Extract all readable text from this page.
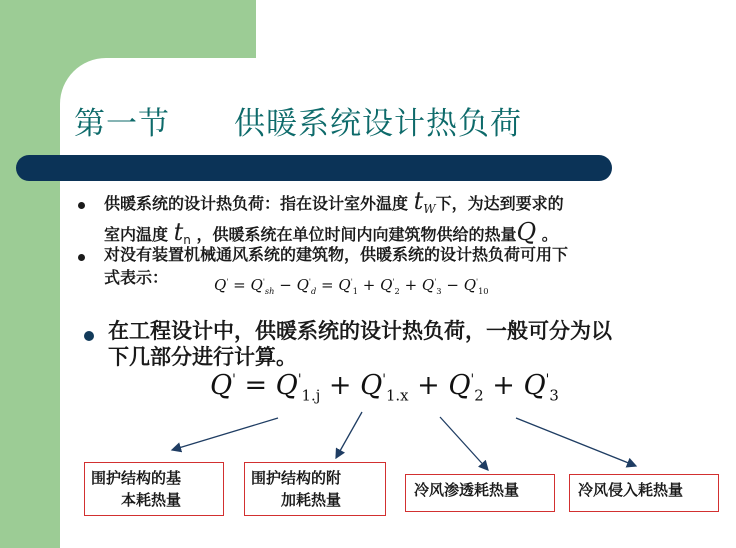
第一节　　供暖系统设计热负荷
供暖系统的设计热负荷：指在设计室外温度 $t_W$下，为达到要求的
室内温度 $t_n$ ，供暖系统在单位时间内向建筑物供给的热量Q 。
对没有装置机械通风系统的建筑物，供暖系统的设计热负荷可用下
式表示：	$Q' = Q'_{sh} - Q'_d = Q'_1 + Q'_2 + Q'_3 - Q'_{10}$
在工程设计中，供暖系统的设计热负荷，一般可分为以
下几部分进行计算。
$Q' = Q'_{1.j} + Q'_{1.x} + Q'_2 + Q'_3$
围护结构的基
本耗热量
围护结构的附
加耗热量
冷风渗透耗热量	冷风侵入耗热量
